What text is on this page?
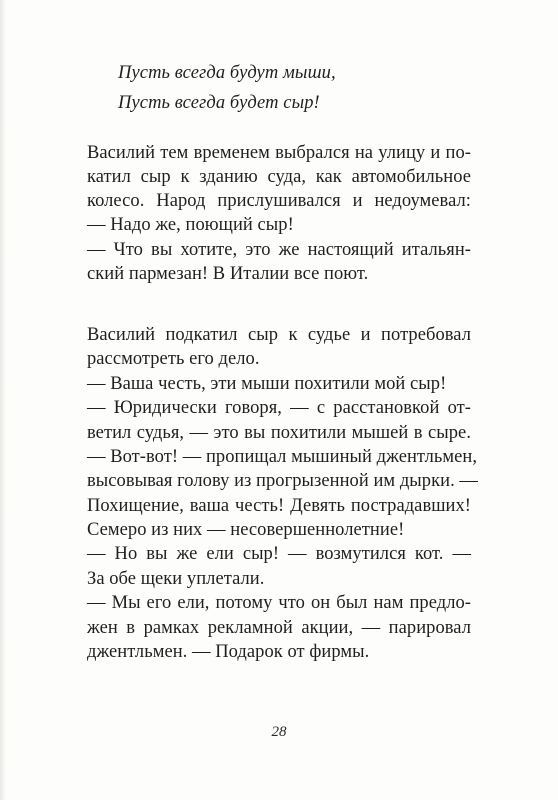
Пусть всегда будут мыши,
Пусть всегда будет сыр!
Василий тем временем выбрался на улицу и по-
катил сыр к зданию суда, как автомобильное
колесо. Народ прислушивался и недоумевал:
— Надо же, поющий сыр!
— Что вы хотите, это же настоящий итальян-
ский пармезан! В Италии все поют.
Василий подкатил сыр к судье и потребовал
рассмотреть его дело.
— Ваша честь, эти мыши похитили мой сыр!
— Юридически говоря, — с расстановкой от-
ветил судья, — это вы похитили мышей в сыре.
— Вот-вот! — пропищал мышиный джентльмен,
высовывая голову из прогрызенной им дырки. —
Похищение, ваша честь! Девять пострадавших!
Семеро из них — несовершеннолетние!
— Но вы же ели сыр! — возмутился кот. —
За обе щеки уплетали.
— Мы его ели, потому что он был нам предло-
жен в рамках рекламной акции, — парировал
джентльмен. — Подарок от фирмы.
28
